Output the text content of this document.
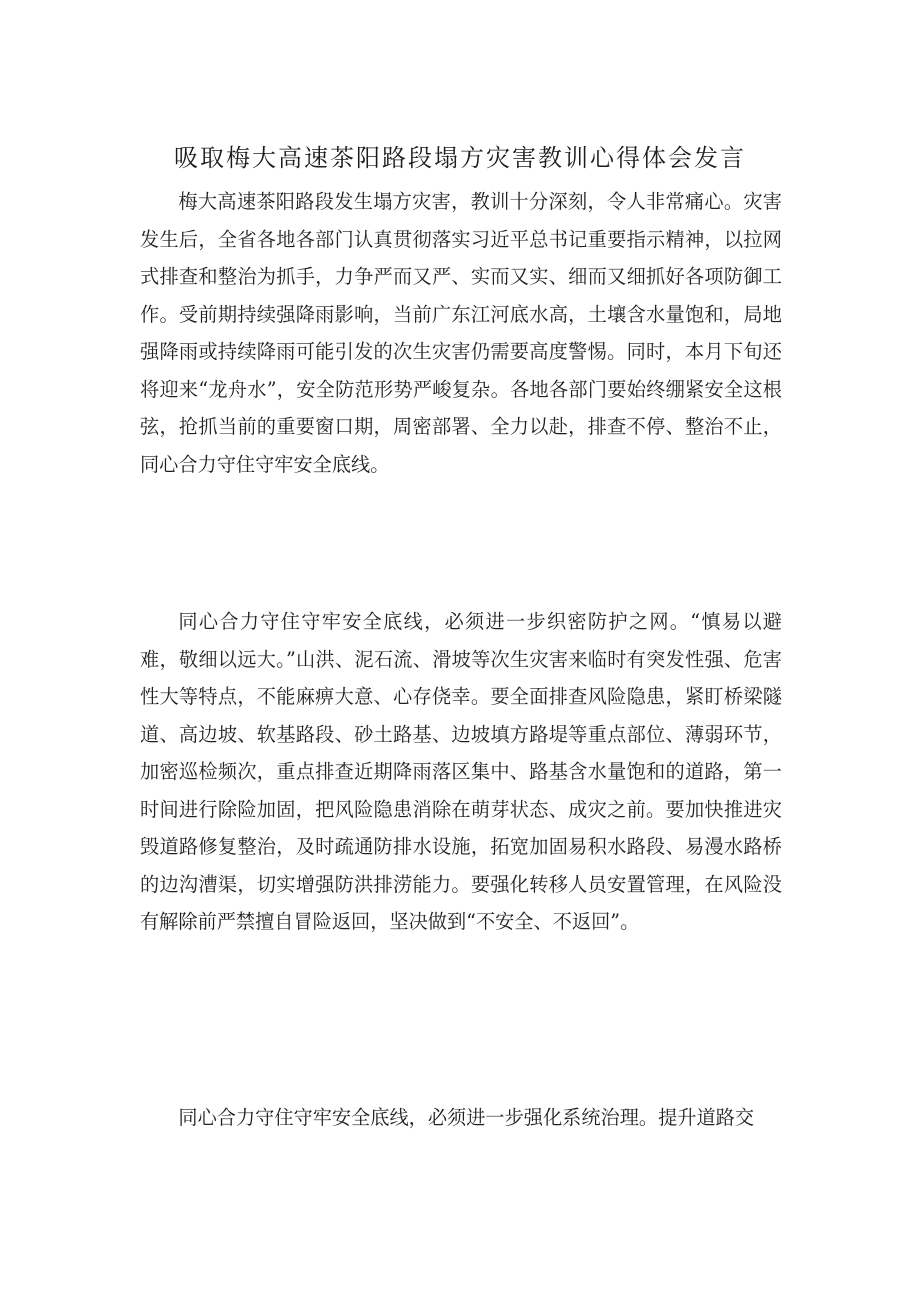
吸取梅大高速茶阳路段塌方灾害教训心得体会发言

梅大高速茶阳路段发生塌方灾害，教训十分深刻，令人非常痛心。灾害发生后，全省各地各部门认真贯彻落实习近平总书记重要指示精神，以拉网式排查和整治为抓手，力争严而又严、实而又实、细而又细抓好各项防御工作。受前期持续强降雨影响，当前广东江河底水高，土壤含水量饱和，局地强降雨或持续降雨可能引发的次生灾害仍需要高度警惕。同时，本月下旬还将迎来“龙舟水”，安全防范形势严峻复杂。各地各部门要始终绷紧安全这根弦，抢抓当前的重要窗口期，周密部署、全力以赴，排查不停、整治不止，同心合力守住守牢安全底线。

同心合力守住守牢安全底线，必须进一步织密防护之网。“慎易以避难，敬细以远大。”山洪、泥石流、滑坡等次生灾害来临时有突发性强、危害性大等特点，不能麻痹大意、心存侥幸。要全面排查风险隐患，紧盯桥梁隧道、高边坡、软基路段、砂土路基、边坡填方路堤等重点部位、薄弱环节，加密巡检频次，重点排查近期降雨落区集中、路基含水量饱和的道路，第一时间进行除险加固，把风险隐患消除在萌芽状态、成灾之前。要加快推进灾毁道路修复整治，及时疏通防排水设施，拓宽加固易积水路段、易漫水路桥的边沟漕渠，切实增强防洪排涝能力。要强化转移人员安置管理，在风险没有解除前严禁擅自冒险返回，坚决做到“不安全、不返回”。

同心合力守住守牢安全底线，必须进一步强化系统治理。提升道路交
